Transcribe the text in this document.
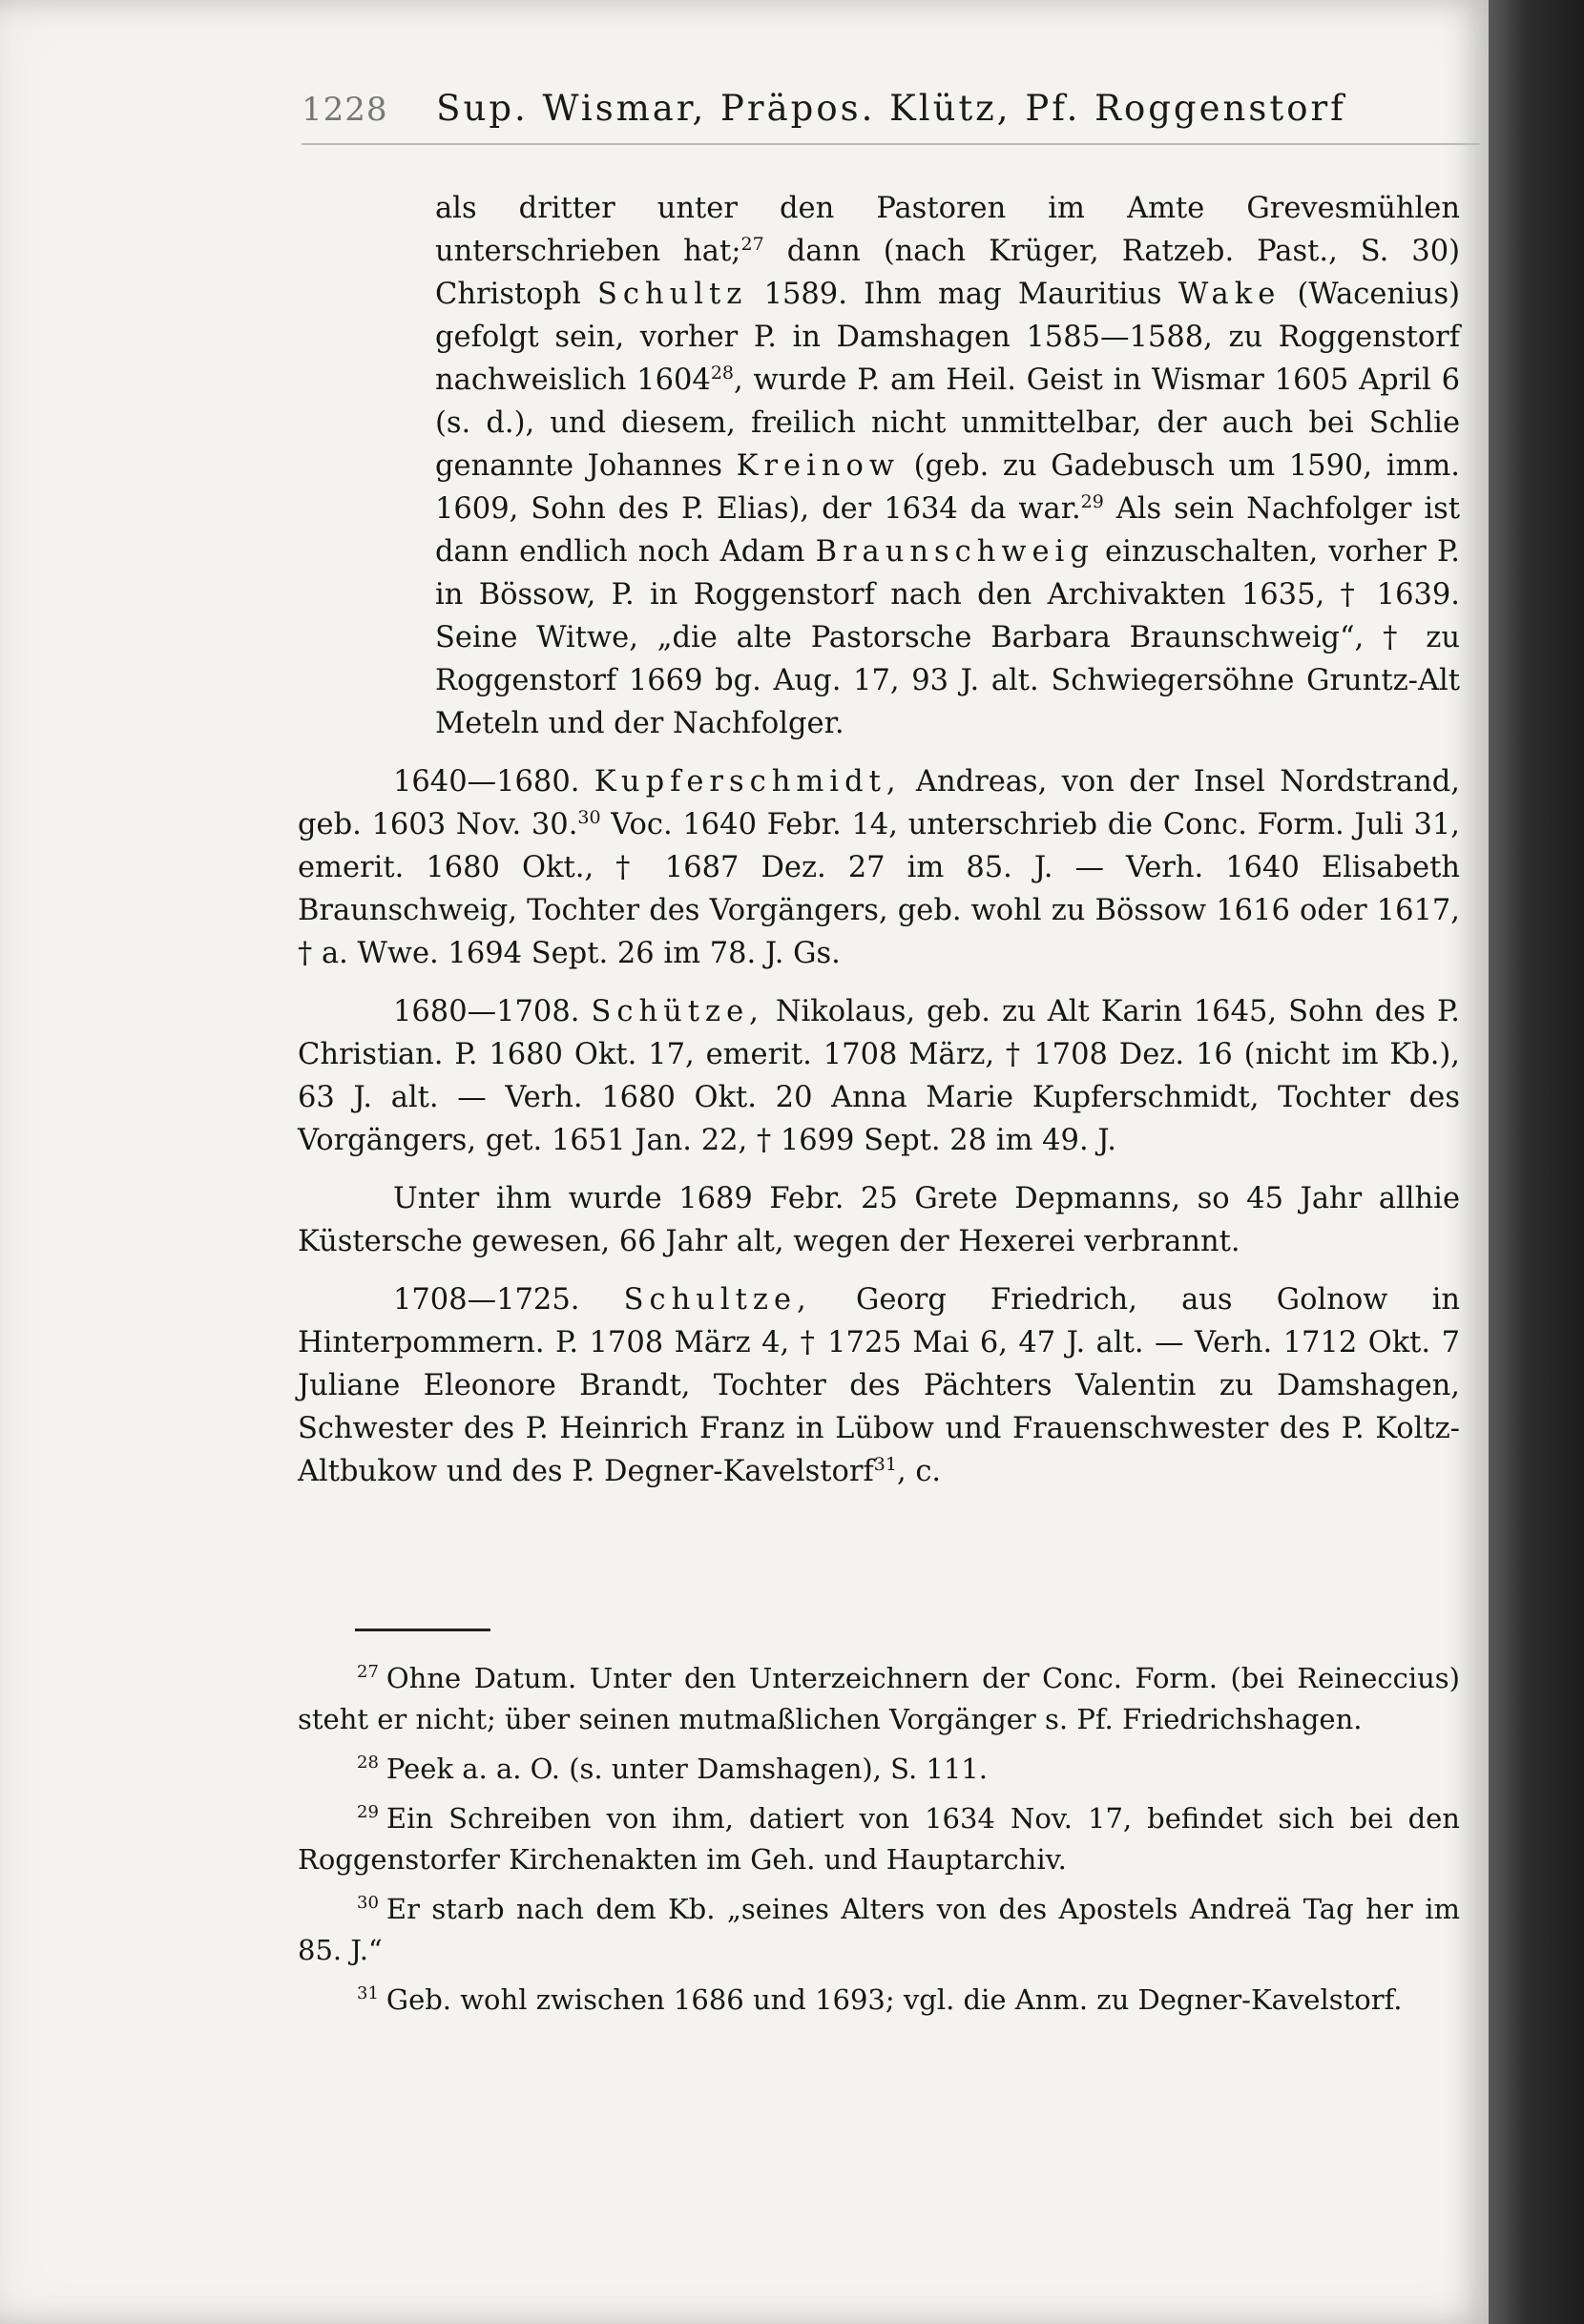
1228	Sup. Wismar, Präpos. Klütz, Pf. Roggenstorf

als dritter unter den Pastoren im Amte Grevesmühlen unterschrieben hat;$^{27}$ dann (nach Krüger, Ratzeb. Past., S. 30) Christoph Schultz 1589. Ihm mag Mauritius Wake (Wacenius) gefolgt sein, vorher P. in Damshagen 1585—1588, zu Roggenstorf nachweislich 1604$^{28}$, wurde P. am Heil. Geist in Wismar 1605 April 6 (s. d.), und diesem, freilich nicht unmittelbar, der auch bei Schlie genannte Johannes Kreinow (geb. zu Gadebusch um 1590, imm. 1609, Sohn des P. Elias), der 1634 da war.$^{29}$ Als sein Nachfolger ist dann endlich noch Adam Braunschweig einzuschalten, vorher P. in Bössow, P. in Roggenstorf nach den Archivakten 1635, † 1639. Seine Witwe, „die alte Pastorsche Barbara Braunschweig“, † zu Roggenstorf 1669 bg. Aug. 17, 93 J. alt. Schwiegersöhne Gruntz-Alt Meteln und der Nachfolger.

1640—1680. Kupferschmidt, Andreas, von der Insel Nordstrand, geb. 1603 Nov. 30.30 Voc. 1640 Febr. 14, unterschrieb die Conc. Form. Juli 31, emerit. 1680 Okt., † 1687 Dez. 27 im 85. J. — Verh. 1640 Elisabeth Braunschweig, Tochter des Vorgängers, geb. wohl zu Bössow 1616 oder 1617, † a. Wwe. 1694 Sept. 26 im 78. J. Gs.

1680—1708. Schütze, Nikolaus, geb. zu Alt Karin 1645, Sohn des P. Christian. P. 1680 Okt. 17, emerit. 1708 März, † 1708 Dez. 16 (nicht im Kb.), 63 J. alt. — Verh. 1680 Okt. 20 Anna Marie Kupferschmidt, Tochter des Vorgängers, get. 1651 Jan. 22, † 1699 Sept. 28 im 49. J.

Unter ihm wurde 1689 Febr. 25 Grete Depmanns, so 45 Jahr allhie Küstersche gewesen, 66 Jahr alt, wegen der Hexerei verbrannt.

1708—1725. Schultze, Georg Friedrich, aus Golnow in Hinterpommern. P. 1708 März 4, † 1725 Mai 6, 47 J. alt. — Verh. 1712 Okt. 7 Juliane Eleonore Brandt, Tochter des Pächters Valentin zu Damshagen, Schwester des P. Heinrich Franz in Lübow und Frauenschwester des P. Koltz-Altbukow und des P. Degner-Kavelstorf$^{31}$, c.

$^{27}$ Ohne Datum. Unter den Unterzeichnern der Conc. Form. (bei Reineccius) steht er nicht; über seinen mutmaßlichen Vorgänger s. Pf. Friedrichshagen.

$^{28}$ Peek a. a. O. (s. unter Damshagen), S. 111.

$^{29}$ Ein Schreiben von ihm, datiert von 1634 Nov. 17, befindet sich bei den Roggenstorfer Kirchenakten im Geh. und Hauptarchiv.

$^{30}$ Er starb nach dem Kb. „seines Alters von des Apostels Andreä Tag her im 85. J.“

$^{31}$ Geb. wohl zwischen 1686 und 1693; vgl. die Anm. zu Degner-Kavelstorf.
